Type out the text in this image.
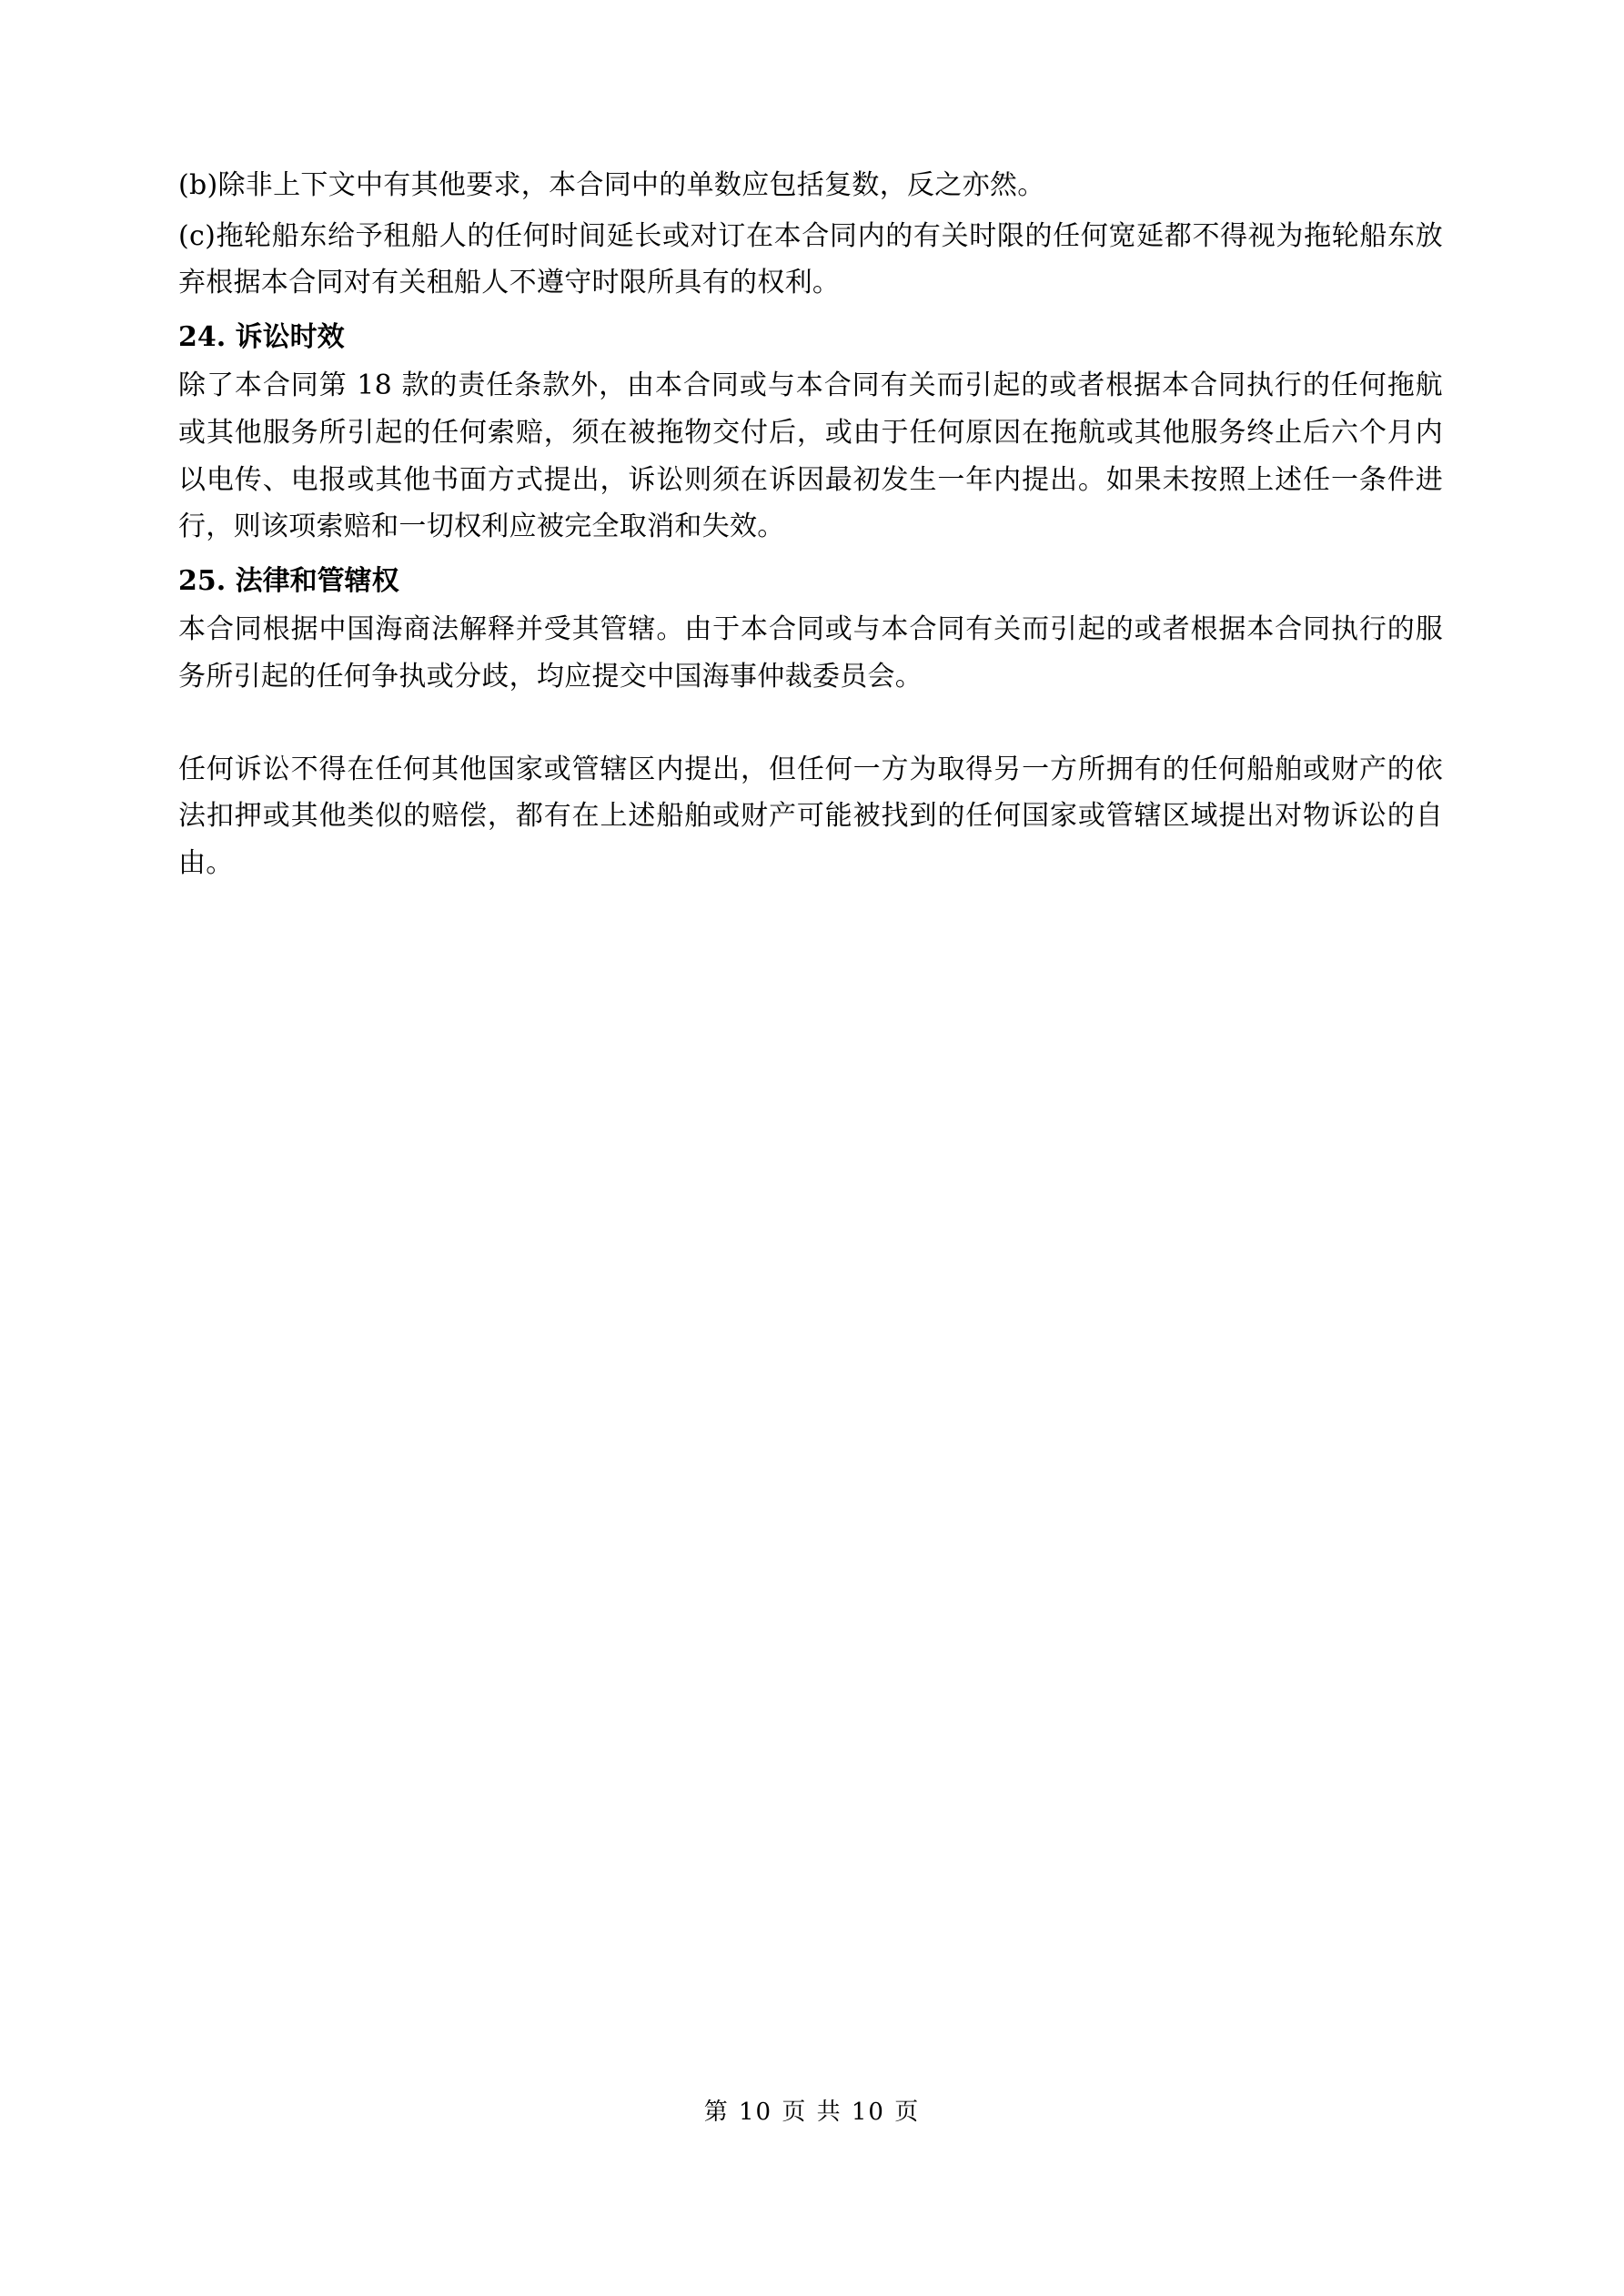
(b)除非上下文中有其他要求，本合同中的单数应包括复数，反之亦然。

(c)拖轮船东给予租船人的任何时间延长或对订在本合同内的有关时限的任何宽延都不得视为拖轮船东放弃根据本合同对有关租船人不遵守时限所具有的权利。

24. 诉讼时效

除了本合同第 18 款的责任条款外，由本合同或与本合同有关而引起的或者根据本合同执行的任何拖航或其他服务所引起的任何索赔，须在被拖物交付后，或由于任何原因在拖航或其他服务终止后六个月内以电传、电报或其他书面方式提出，诉讼则须在诉因最初发生一年内提出。如果未按照上述任一条件进行，则该项索赔和一切权利应被完全取消和失效。

25. 法律和管辖权

本合同根据中国海商法解释并受其管辖。由于本合同或与本合同有关而引起的或者根据本合同执行的服务所引起的任何争执或分歧，均应提交中国海事仲裁委员会。

任何诉讼不得在任何其他国家或管辖区内提出，但任何一方为取得另一方所拥有的任何船舶或财产的依法扣押或其他类似的赔偿，都有在上述船舶或财产可能被找到的任何国家或管辖区域提出对物诉讼的自由。

第 10 页 共 10 页
